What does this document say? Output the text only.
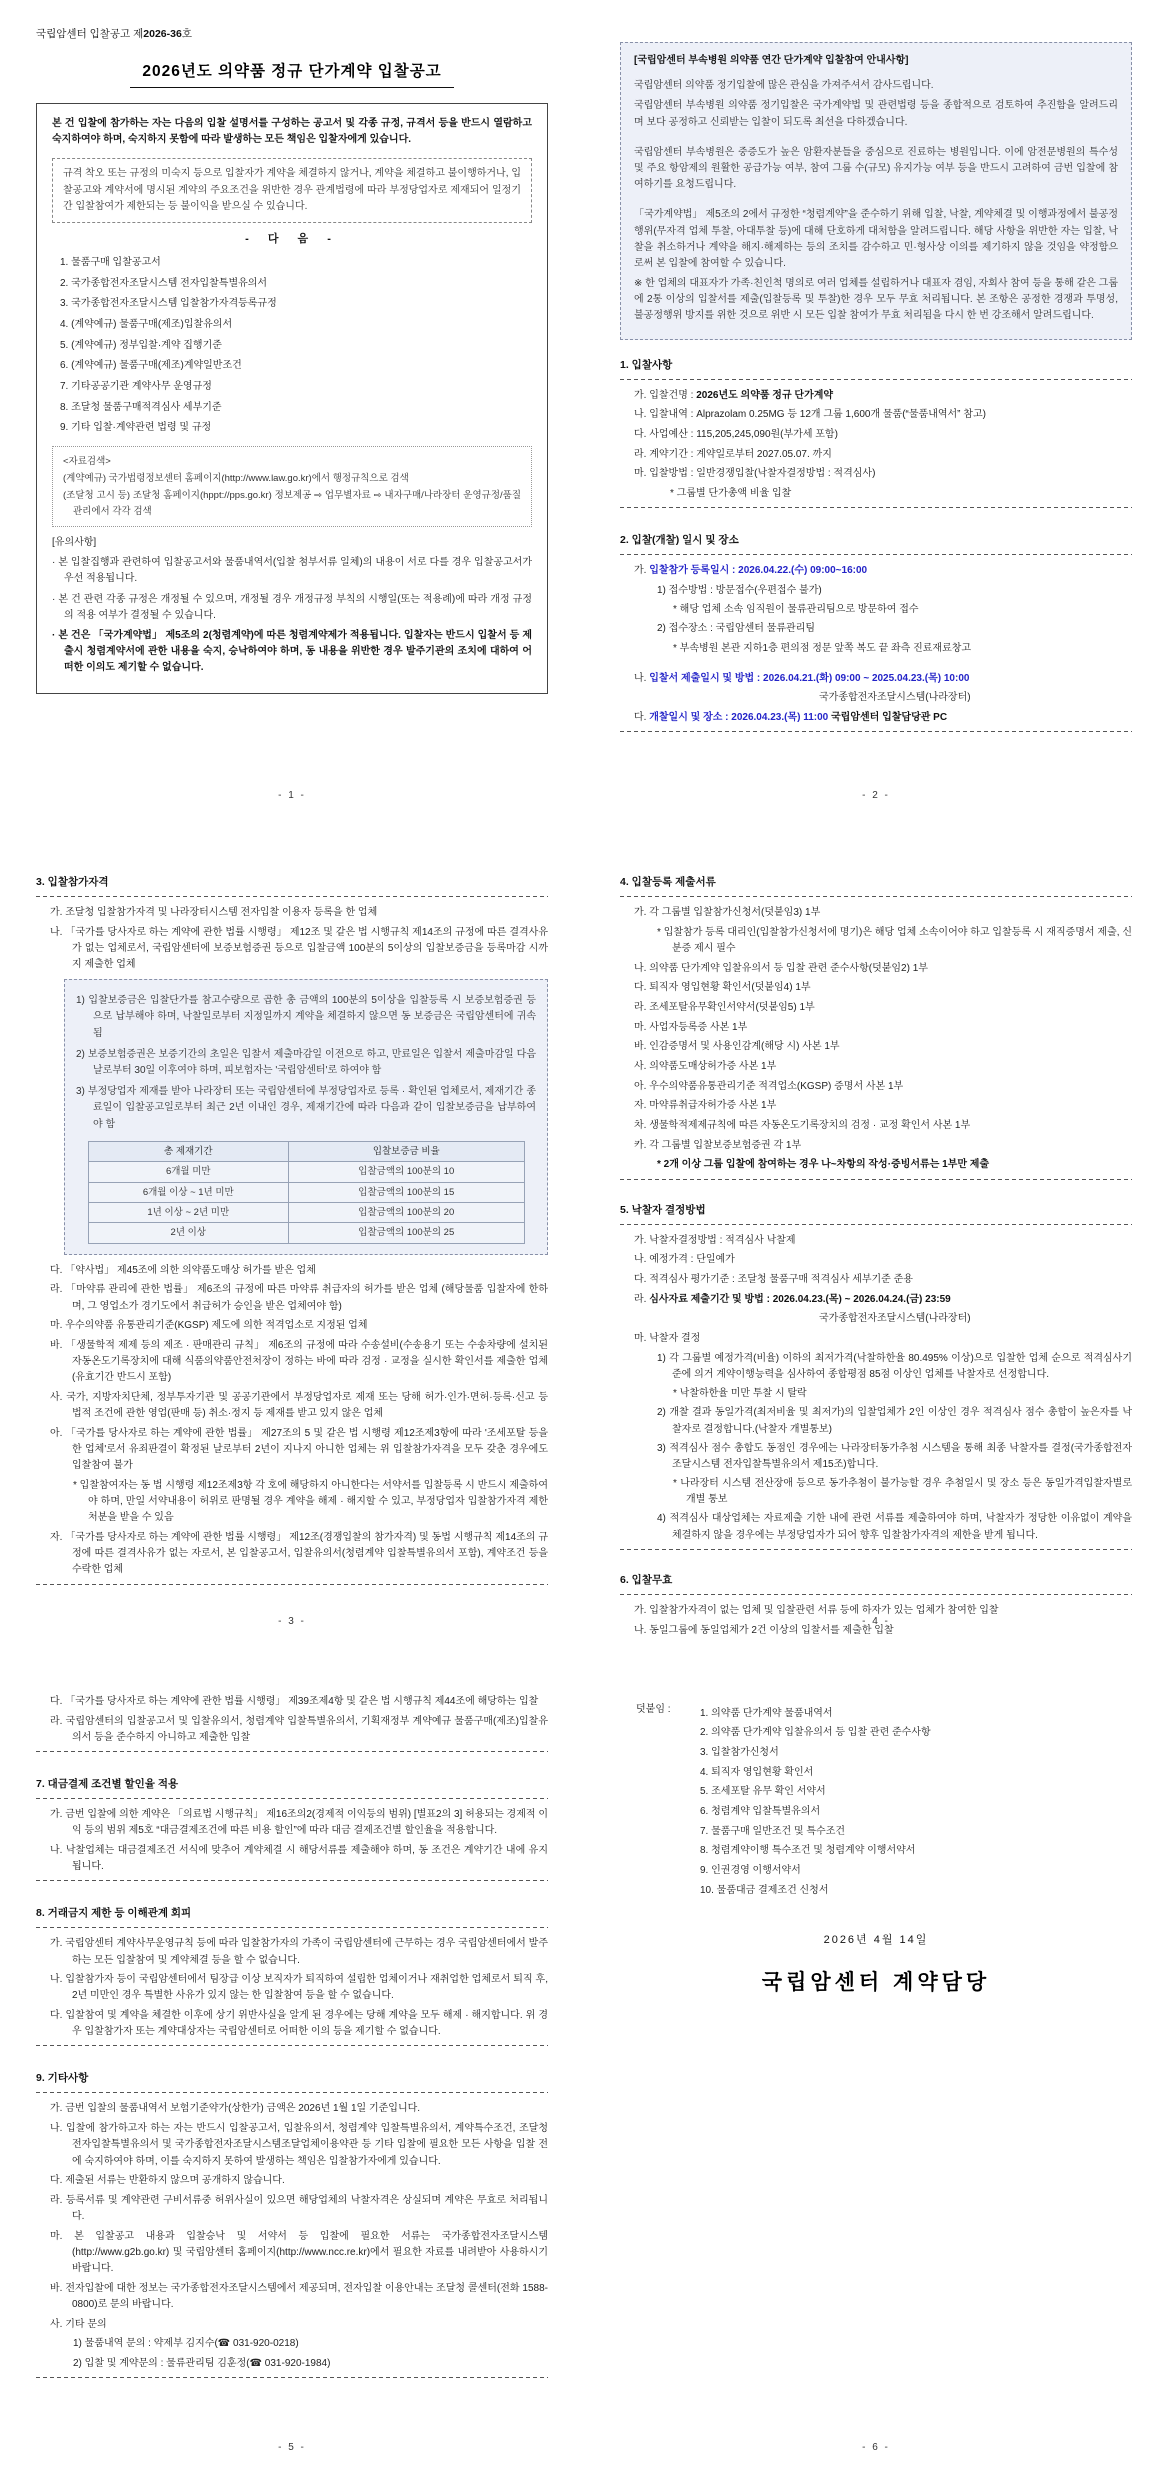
국립암센터 입찰공고 제2026-36호
2026년도 의약품 정규 단가계약 입찰공고
본 건 입찰에 참가하는 자는 다음의 입찰 설명서를 구성하는 공고서 및 각종 규정, 규격서 등을 반드시 열람하고 숙지하여야 하며, 숙지하지 못함에 따라 발생하는 모든 책임은 입찰자에게 있습니다.
규격 착오 또는 규정의 미숙지 등으로 입찰자가 계약을 체결하지 않거나, 계약을 체결하고 불이행하거나, 입찰공고와 계약서에 명시된 계약의 주요조건을 위반한 경우 관계법령에 따라 부정당업자로 제재되어 일정기간 입찰참여가 제한되는 등 불이익을 받으실 수 있습니다.
- 다 음 -
1. 물품구매 입찰공고서
2. 국가종합전자조달시스템 전자입찰특별유의서
3. 국가종합전자조달시스템 입찰참가자격등록규정
4. (계약예규) 물품구매(제조)입찰유의서
5. (계약예규) 정부입찰·계약 집행기준
6. (계약예규) 물품구매(제조)계약일반조건
7. 기타공공기관 계약사무 운영규정
8. 조달청 물품구매적격심사 세부기준
9. 기타 입찰·계약관련 법령 및 규정
<자료검색>
(계약예규) 국가법령정보센터 홈페이지(http://www.law.go.kr)에서 행정규칙으로 검색
(조달청 고시 등) 조달청 홈페이지(hppt://pps.go.kr) 정보제공 ⇨ 업무별자료 ⇨ 내자구매/나라장터 운영규정/품질관리에서 각각 검색
[유의사항]
· 본 입찰집행과 관련하여 입찰공고서와 물품내역서(입찰 첨부서류 일체)의 내용이 서로 다를 경우 입찰공고서가 우선 적용됩니다.
· 본 건 관련 각종 규정은 개정될 수 있으며, 개정될 경우 개정규정 부칙의 시행일(또는 적용례)에 따라 개정 규정의 적용 여부가 결정될 수 있습니다.
· 본 건은 「국가계약법」 제5조의 2(청렴계약)에 따른 청렴계약제가 적용됩니다. 입찰자는 반드시 입찰서 등 제출시 청렴계약서에 관한 내용을 숙지, 승낙하여야 하며, 동 내용을 위반한 경우 발주기관의 조치에 대하여 어떠한 이의도 제기할 수 없습니다.
- 1 -
[국립암센터 부속병원 의약품 연간 단가계약 입찰참여 안내사항]

국립암센터 의약품 정기입찰에 많은 관심을 가져주셔서 감사드립니다.

국립암센터 부속병원 의약품 정기입찰은 국가계약법 및 관련법령 등을 종합적으로 검토하여 추진함을 알려드리며 보다 공정하고 신뢰받는 입찰이 되도록 최선을 다하겠습니다.

국립암센터 부속병원은 중증도가 높은 암환자분들을 중심으로 진료하는 병원입니다. 이에 암전문병원의 특수성 및 주요 항암제의 원활한 공급가능 여부, 참여 그룹 수(규모) 유지가능 여부 등을 반드시 고려하여 금번 입찰에 참여하기를 요청드립니다.

「국가계약법」 제5조의 2에서 규정한 “청렴계약”을 준수하기 위해 입찰, 낙찰, 계약체결 및 이행과정에서 불공정행위(무자격 업체 투찰, 아대투찰 등)에 대해 단호하게 대처함을 알려드립니다. 해당 사항을 위반한 자는 입찰, 낙찰을 취소하거나 계약을 해지·해제하는 등의 조치를 감수하고 민·형사상 이의를 제기하지 않을 것임을 약정함으로써 본 입찰에 참여할 수 있습니다.

※ 한 업체의 대표자가 가족·친인척 명의로 여러 업체를 설립하거나 대표자 겸임, 자회사 참여 등을 통해 같은 그룹에 2통 이상의 입찰서를 제출(입찰등록 및 투찰)한 경우 모두 무효 처리됩니다. 본 조항은 공정한 경쟁과 투명성, 불공정행위 방지를 위한 것으로 위반 시 모든 입찰 참여가 무효 처리됨을 다시 한 번 강조해서 알려드립니다.

1. 입찰사항
가. 입찰건명 : 2026년도 의약품 정규 단가계약
나. 입찰내역 : Alprazolam 0.25MG 등 12개 그룹 1,600개 물품(“물품내역서” 참고)
다. 사업예산 : 115,205,245,090원(부가세 포함)
라. 계약기간 : 계약일로부터 2027.05.07. 까지
마. 입찰방법 : 일반경쟁입찰(낙찰자결정방법 : 적격심사)
* 그룹별 단가총액 비율 입찰
2. 입찰(개찰) 일시 및 장소
가. 입찰참가 등록일시 : 2026.04.22.(수) 09:00~16:00
1) 접수방법 : 방문접수(우편접수 불가)
* 해당 업체 소속 임직원이 물류관리팀으로 방문하여 접수
2) 접수장소 : 국립암센터 물류관리팀
* 부속병원 본관 지하1층 편의점 정문 앞쪽 복도 끝 좌측 진료재료창고
나. 입찰서 제출일시 및 방법 : 2026.04.21.(화) 09:00 ~ 2025.04.23.(목) 10:00
국가종합전자조달시스템(나라장터)
다. 개찰일시 및 장소 : 2026.04.23.(목) 11:00 국립암센터 입찰담당관 PC
- 2 -
3. 입찰참가자격
가. 조달청 입찰참가자격 및 나라장터시스템 전자입찰 이용자 등록을 한 업체
나. 「국가를 당사자로 하는 계약에 관한 법률 시행령」 제12조 및 같은 법 시행규칙 제14조의 규정에 따른 결격사유가 없는 업체로서, 국립암센터에 보증보험증권 등으로 입찰금액 100분의 5이상의 입찰보증금을 등록마감 시까지 제출한 업체
1) 입찰보증금은 입찰단가를 참고수량으로 곱한 총 금액의 100분의 5이상을 입찰등록 시 보증보험증권 등으로 납부해야 하며, 낙찰일로부터 지정일까지 계약을 체결하지 않으면 동 보증금은 국립암센터에 귀속 됨
2) 보증보험증권은 보증기간의 초일은 입찰서 제출마감일 이전으로 하고, 만료일은 입찰서 제출마감일 다음날로부터 30일 이후여야 하며, 피보험자는 '국립암센터'로 하여야 함
3) 부정당업자 제재를 받아 나라장터 또는 국립암센터에 부정당업자로 등록 · 확인된 업체로서, 제재기간 종료일이 입찰공고일로부터 최근 2년 이내인 경우, 제재기간에 따라 다음과 같이 입찰보증금을 납부하여야 함
총 제재기간	입찰보증금 비율
6개월 미만	입찰금액의 100분의 10
6개월 이상 ~ 1년 미만	입찰금액의 100분의 15
1년 이상 ~ 2년 미만	입찰금액의 100분의 20
2년 이상	입찰금액의 100분의 25
다. 「약사법」 제45조에 의한 의약품도매상 허가를 받은 업체
라. 「마약류 관리에 관한 법률」 제6조의 규정에 따른 마약류 취급자의 허가를 받은 업체 (해당물품 입찰자에 한하며, 그 영업소가 경기도에서 취급허가 승인을 받은 업체여야 함)
마. 우수의약품 유통관리기준(KGSP) 제도에 의한 적격업소로 지정된 업체
바. 「생물학적 제제 등의 제조 · 판매관리 규칙」 제6조의 규정에 따라 수송설비(수송용기 또는 수송차량에 설치된 자동온도기록장치에 대해 식품의약품안전처장이 정하는 바에 따라 검정 · 교정을 실시한 확인서를 제출한 업체(유효기간 반드시 포함)
사. 국가, 지방자치단체, 정부투자기관 및 공공기관에서 부정당업자로 제재 또는 당해 허가·인가·면허·등록·신고 등 법적 조건에 관한 영업(판매 등) 취소·정지 등 제재를 받고 있지 않은 업체
아. 「국가를 당사자로 하는 계약에 관한 법률」 제27조의 5 및 같은 법 시행령 제12조제3항에 따라 '조세포탈 등을 한 업체'로서 유죄판결이 확정된 날로부터 2년이 지나지 아니한 업체는 위 입찰참가자격을 모두 갖춘 경우에도 입찰참여 불가
* 입찰참여자는 동 법 시행령 제12조제3항 각 호에 해당하지 아니한다는 서약서를 입찰등록 시 반드시 제출하여야 하며, 만일 서약내용이 허위로 판명될 경우 계약을 해제 · 해지할 수 있고, 부정당업자 입찰참가자격 제한 처분을 받을 수 있음
자. 「국가를 당사자로 하는 계약에 관한 법률 시행령」 제12조(경쟁입찰의 참가자격) 및 동법 시행규칙 제14조의 규정에 따른 결격사유가 없는 자로서, 본 입찰공고서, 입찰유의서(청렴계약 입찰특별유의서 포함), 계약조건 등을 수락한 업체
- 3 -
4. 입찰등록 제출서류
가. 각 그룹별 입찰참가신청서(덧붙임3) 1부
* 입찰참가 등록 대리인(입찰참가신청서에 명기)은 해당 업체 소속이어야 하고 입찰등록 시 재직증명서 제출, 신분증 제시 필수
나. 의약품 단가계약 입찰유의서 등 입찰 관련 준수사항(덧붙임2) 1부
다. 퇴직자 영입현황 확인서(덧붙임4) 1부
라. 조세포탈유무확인서약서(덧붙임5) 1부
마. 사업자등록증 사본 1부
바. 인감증명서 및 사용인감계(해당 시) 사본 1부
사. 의약품도매상허가증 사본 1부
아. 우수의약품유통관리기준 적격업소(KGSP) 증명서 사본 1부
자. 마약류취급자허가증 사본 1부
차. 생물학적제제규칙에 따른 자동온도기록장치의 검정 · 교정 확인서 사본 1부
카. 각 그룹별 입찰보증보험증권 각 1부
* 2개 이상 그룹 입찰에 참여하는 경우 나~차항의 작성·증빙서류는 1부만 제출
5. 낙찰자 결정방법
가. 낙찰자결정방법 : 적격심사 낙찰제
나. 예정가격 : 단일예가
다. 적격심사 평가기준 : 조달청 물품구매 적격심사 세부기준 준용
라. 심사자료 제출기간 및 방법 : 2026.04.23.(목) ~ 2026.04.24.(금) 23:59
국가종합전자조달시스템(나라장터)
마. 낙찰자 결정
1) 각 그룹별 예정가격(비율) 이하의 최저가격(낙찰하한율 80.495% 이상)으로 입찰한 업체 순으로 적격심사기준에 의거 계약이행능력을 심사하여 종합평점 85점 이상인 업체를 낙찰자로 선정합니다.
* 낙찰하한율 미만 투찰 시 탈락
2) 개찰 결과 동일가격(최저비율 및 최저가)의 입찰업체가 2인 이상인 경우 적격심사 점수 총합이 높은자를 낙찰자로 결정합니다.(낙찰자 개별통보)
3) 적격심사 점수 총합도 동점인 경우에는 나라장터동가추첨 시스템을 통해 최종 낙찰자를 결정(국가종합전자조달시스템 전자입찰특별유의서 제15조)합니다.
* 나라장터 시스템 전산장애 등으로 동가추첨이 불가능할 경우 추첨일시 및 장소 등은 동일가격입찰자별로 개별 통보
4) 적격심사 대상업체는 자료제출 기한 내에 관련 서류를 제출하여야 하며, 낙찰자가 정당한 이유없이 계약을 체결하지 않을 경우에는 부정당업자가 되어 향후 입찰참가자격의 제한을 받게 됩니다.
6. 입찰무효
가. 입찰참가자격이 없는 업체 및 입찰관련 서류 등에 하자가 있는 업체가 참여한 입찰
나. 동일그룹에 동일업체가 2건 이상의 입찰서를 제출한 입찰
- 4 -
다. 「국가를 당사자로 하는 계약에 관한 법률 시행령」 제39조제4항 및 같은 법 시행규칙 제44조에 해당하는 입찰
라. 국립암센터의 입찰공고서 및 입찰유의서, 청렴계약 입찰특별유의서, 기획재정부 계약예규 물품구매(제조)입찰유의서 등을 준수하지 아니하고 제출한 입찰
7. 대금결제 조건별 할인율 적용
가. 금번 입찰에 의한 계약은 「의료법 시행규칙」 제16조의2(경제적 이익등의 범위) [별표2의 3] 허용되는 경제적 이익 등의 범위 제5호 “대금결제조건에 따른 비용 할인”에 따라 대금 결제조건별 할인율을 적용합니다.
나. 낙찰업체는 대금결제조건 서식에 맞추어 계약체결 시 해당서류를 제출해야 하며, 동 조건은 계약기간 내에 유지됩니다.
8. 거래금지 제한 등 이해관계 회피
가. 국립암센터 계약사무운영규칙 등에 따라 입찰참가자의 가족이 국립암센터에 근무하는 경우 국립암센터에서 발주하는 모든 입찰참여 및 계약체결 등을 할 수 없습니다.
나. 입찰참가자 등이 국립암센터에서 팀장급 이상 보직자가 퇴직하여 설립한 업체이거나 재취업한 업체로서 퇴직 후, 2년 미만인 경우 특별한 사유가 있지 않는 한 입찰참여 등을 할 수 없습니다.
다. 입찰참여 및 계약을 체결한 이후에 상기 위반사실을 알게 된 경우에는 당해 계약을 모두 해제 · 해지합니다. 위 경우 입찰참가자 또는 계약대상자는 국립암센터로 어떠한 이의 등을 제기할 수 없습니다.
9. 기타사항
가. 금번 입찰의 물품내역서 보험기준약가(상한가) 금액은 2026년 1월 1일 기준입니다.
나. 입찰에 참가하고자 하는 자는 반드시 입찰공고서, 입찰유의서, 청렴계약 입찰특별유의서, 계약특수조건, 조달청전자입찰특별유의서 및 국가종합전자조달시스템조달업체이용약관 등 기타 입찰에 필요한 모든 사항을 입찰 전에 숙지하여야 하며, 이를 숙지하지 못하여 발생하는 책임은 입찰참가자에게 있습니다.
다. 제출된 서류는 반환하지 않으며 공개하지 않습니다.
라. 등록서류 및 계약관련 구비서류중 허위사실이 있으면 해당업체의 낙찰자격은 상실되며 계약은 무효로 처리됩니다.
마. 본 입찰공고 내용과 입찰승낙 및 서약서 등 입찰에 필요한 서류는 국가종합전자조달시스템 (http://www.g2b.go.kr) 및 국립암센터 홈페이지(http://www.ncc.re.kr)에서 필요한 자료를 내려받아 사용하시기 바랍니다.
바. 전자입찰에 대한 정보는 국가종합전자조달시스템에서 제공되며, 전자입찰 이용안내는 조달청 콜센터(전화 1588-0800)로 문의 바랍니다.
사. 기타 문의
1) 물품내역 문의 : 약제부 김지수(☎ 031-920-0218)
2) 입찰 및 계약문의 : 물류관리팀 김훈정(☎ 031-920-1984)
- 5 -
덧붙임 :	1. 의약품 단가계약 물품내역서
2. 의약품 단가계약 입찰유의서 등 입찰 관련 준수사항
3. 입찰참가신청서
4. 퇴직자 영입현황 확인서
5. 조세포탈 유무 확인 서약서
6. 청렴계약 입찰특별유의서
7. 물품구매 일반조건 및 특수조건
8. 청렴계약이행 특수조건 및 청렴계약 이행서약서
9. 인권경영 이행서약서
10. 물품대금 결제조건 신청서
2026년 4월 14일
국립암센터 계약담당
- 6 -
